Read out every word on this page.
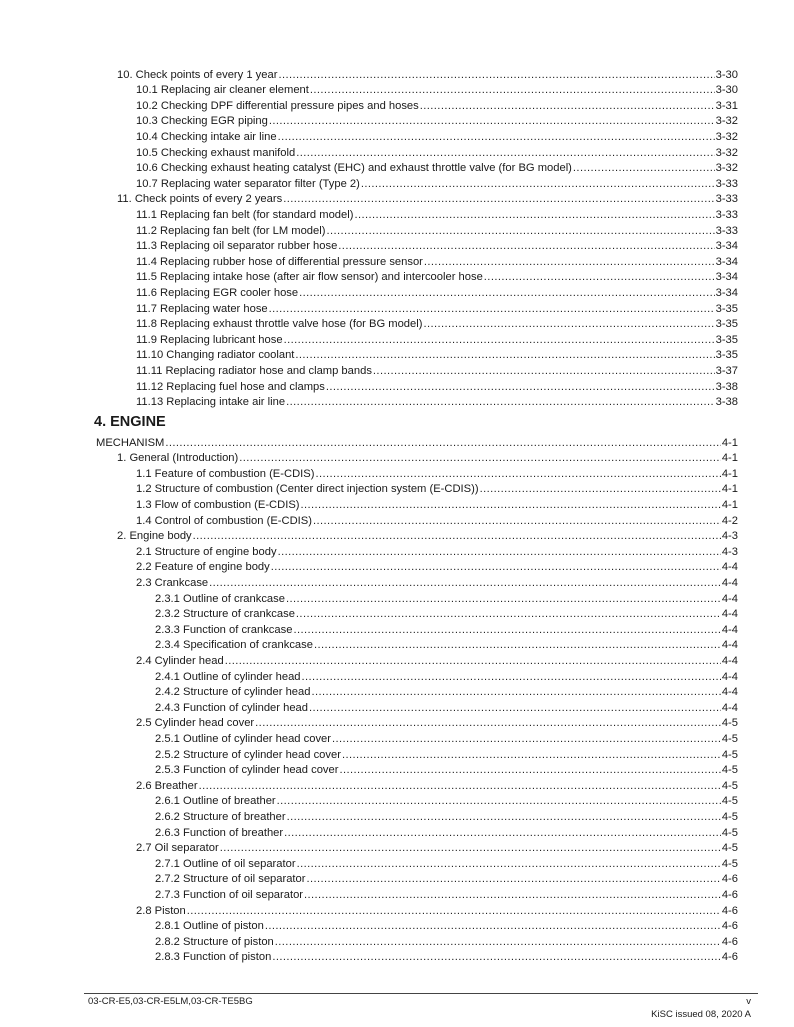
10. Check points of every 1 year .....	3-30
10.1 Replacing air cleaner element .....	3-30
10.2 Checking DPF differential pressure pipes and hoses .....	3-31
10.3 Checking EGR piping .....	3-32
10.4 Checking intake air line .....	3-32
10.5 Checking exhaust manifold .....	3-32
10.6 Checking exhaust heating catalyst (EHC) and exhaust throttle valve (for BG model) .....	3-32
10.7 Replacing water separator filter (Type 2) .....	3-33
11. Check points of every 2 years .....	3-33
11.1 Replacing fan belt (for standard model) .....	3-33
11.2 Replacing fan belt (for LM model) .....	3-33
11.3 Replacing oil separator rubber hose .....	3-34
11.4 Replacing rubber hose of differential pressure sensor .....	3-34
11.5 Replacing intake hose (after air flow sensor) and intercooler hose .....	3-34
11.6 Replacing EGR cooler hose .....	3-34
11.7 Replacing water hose .....	3-35
11.8 Replacing exhaust throttle valve hose (for BG model) .....	3-35
11.9 Replacing lubricant hose .....	3-35
11.10 Changing radiator coolant .....	3-35
11.11 Replacing radiator hose and clamp bands .....	3-37
11.12 Replacing fuel hose and clamps .....	3-38
11.13 Replacing intake air line .....	3-38
4. ENGINE
MECHANISM .....	4-1
1. General (Introduction) .....	4-1
1.1 Feature of combustion (E-CDIS) .....	4-1
1.2 Structure of combustion (Center direct injection system (E-CDIS)) .....	4-1
1.3 Flow of combustion (E-CDIS) .....	4-1
1.4 Control of combustion (E-CDIS) .....	4-2
2. Engine body .....	4-3
2.1 Structure of engine body .....	4-3
2.2 Feature of engine body .....	4-4
2.3 Crankcase .....	4-4
2.3.1 Outline of crankcase .....	4-4
2.3.2 Structure of crankcase .....	4-4
2.3.3 Function of crankcase .....	4-4
2.3.4 Specification of crankcase .....	4-4
2.4 Cylinder head .....	4-4
2.4.1 Outline of cylinder head .....	4-4
2.4.2 Structure of cylinder head .....	4-4
2.4.3 Function of cylinder head .....	4-4
2.5 Cylinder head cover .....	4-5
2.5.1 Outline of cylinder head cover .....	4-5
2.5.2 Structure of cylinder head cover .....	4-5
2.5.3 Function of cylinder head cover .....	4-5
2.6 Breather .....	4-5
2.6.1 Outline of breather .....	4-5
2.6.2 Structure of breather .....	4-5
2.6.3 Function of breather .....	4-5
2.7 Oil separator .....	4-5
2.7.1 Outline of oil separator .....	4-5
2.7.2 Structure of oil separator .....	4-6
2.7.3 Function of oil separator .....	4-6
2.8 Piston .....	4-6
2.8.1 Outline of piston .....	4-6
2.8.2 Structure of piston .....	4-6
2.8.3 Function of piston .....	4-6
03-CR-E5,03-CR-E5LM,03-CR-TE5BG	v
KiSC issued 08, 2020 A
